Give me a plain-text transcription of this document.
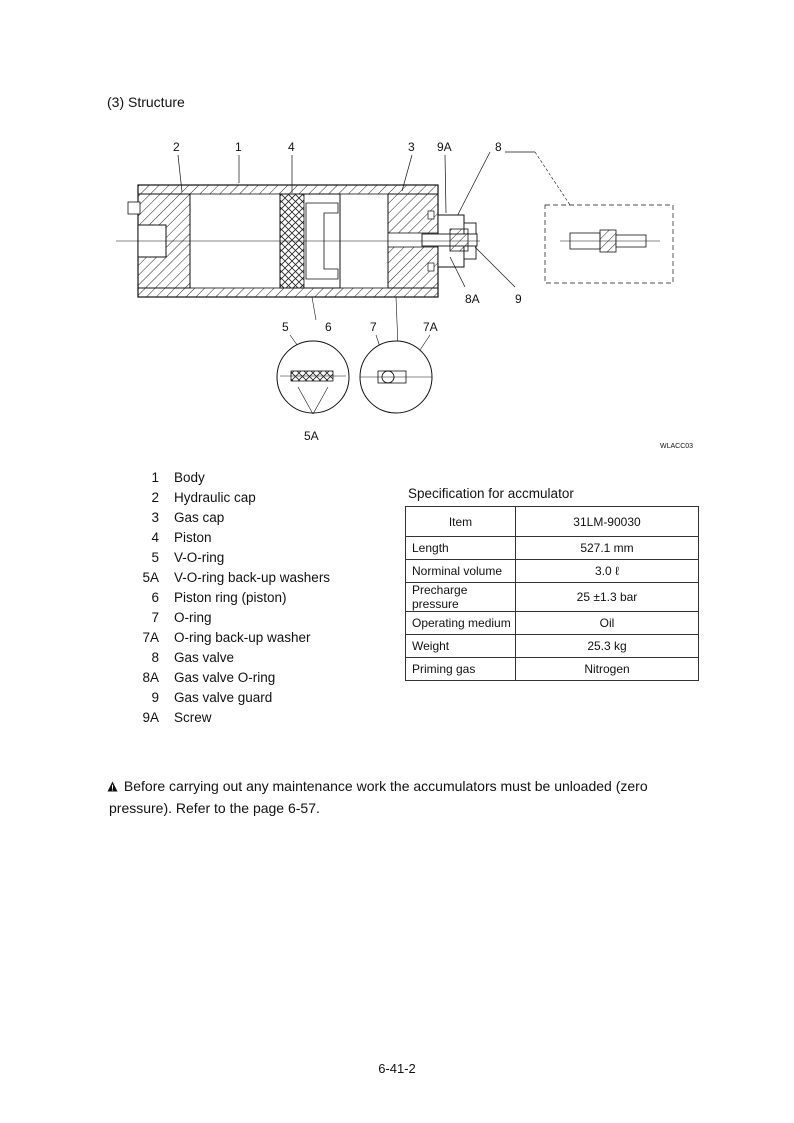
(3) Structure
2	1	4	3 9A	8
8A	9
5	6	7	7A
5A
WLACC03
1 Body
2 Hydraulic cap
3 Gas cap
4 Piston
5 V-O-ring
5A V-O-ring back-up washers
6 Piston ring (piston)
7 O-ring
7A O-ring back-up washer
8 Gas valve
8A Gas valve O-ring
9 Gas valve guard
9A Screw
Specification for accmulator
Item	31LM-90030
Length	527.1 mm
Norminal volume	3.0 ℓ
Precharge pressure	25 ±1.3 bar
Operating medium	Oil
Weight	25.3 kg
Priming gas	Nitrogen
Before carrying out any maintenance work the accumulators must be unloaded (zero
pressure). Refer to the page 6-57.
6-41-2
